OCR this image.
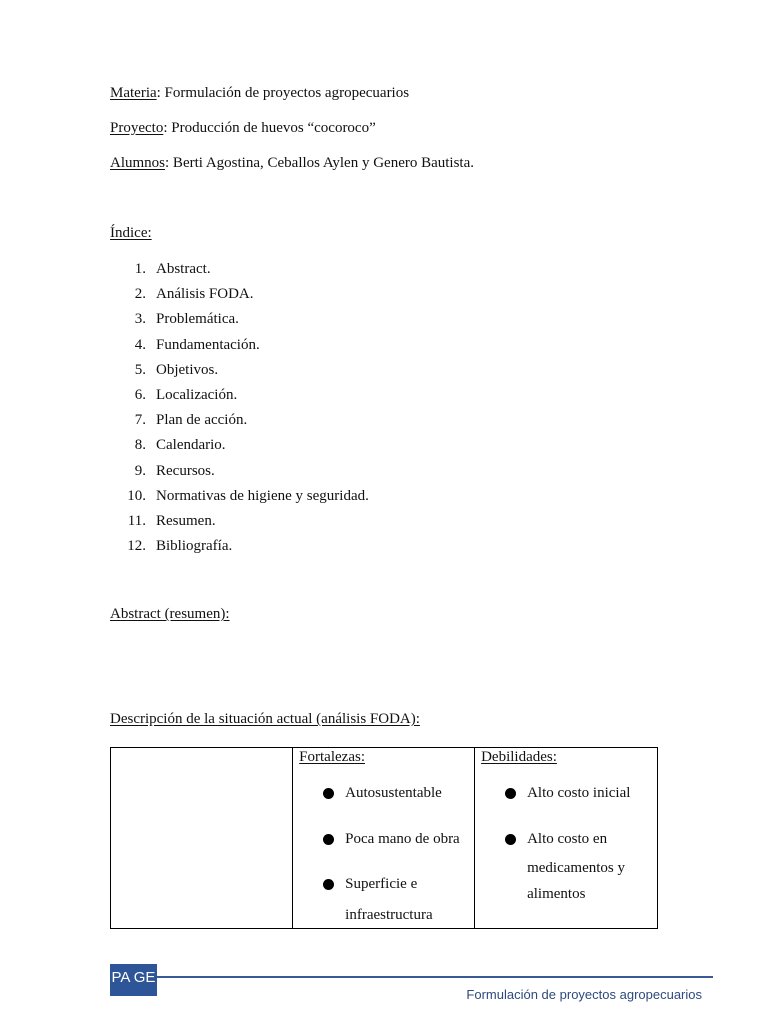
Materia: Formulación de proyectos agropecuarios
Proyecto: Producción de huevos “cocoroco”
Alumnos: Berti Agostina, Ceballos Aylen y Genero Bautista.
Índice:
1. Abstract.
2. Análisis FODA.
3. Problemática.
4. Fundamentación.
5. Objetivos.
6. Localización.
7. Plan de acción.
8. Calendario.
9. Recursos.
10. Normativas de higiene y seguridad.
11. Resumen.
12. Bibliografía.
Abstract (resumen):
Descripción de la situación actual (análisis FODA):

Fortalezas:
Autosustentable
Poca mano de obra
Superficie e
infraestructura

Debilidades:
Alto costo inicial
Alto costo en
medicamentos y
alimentos
PA GE
Formulación de proyectos agropecuarios
